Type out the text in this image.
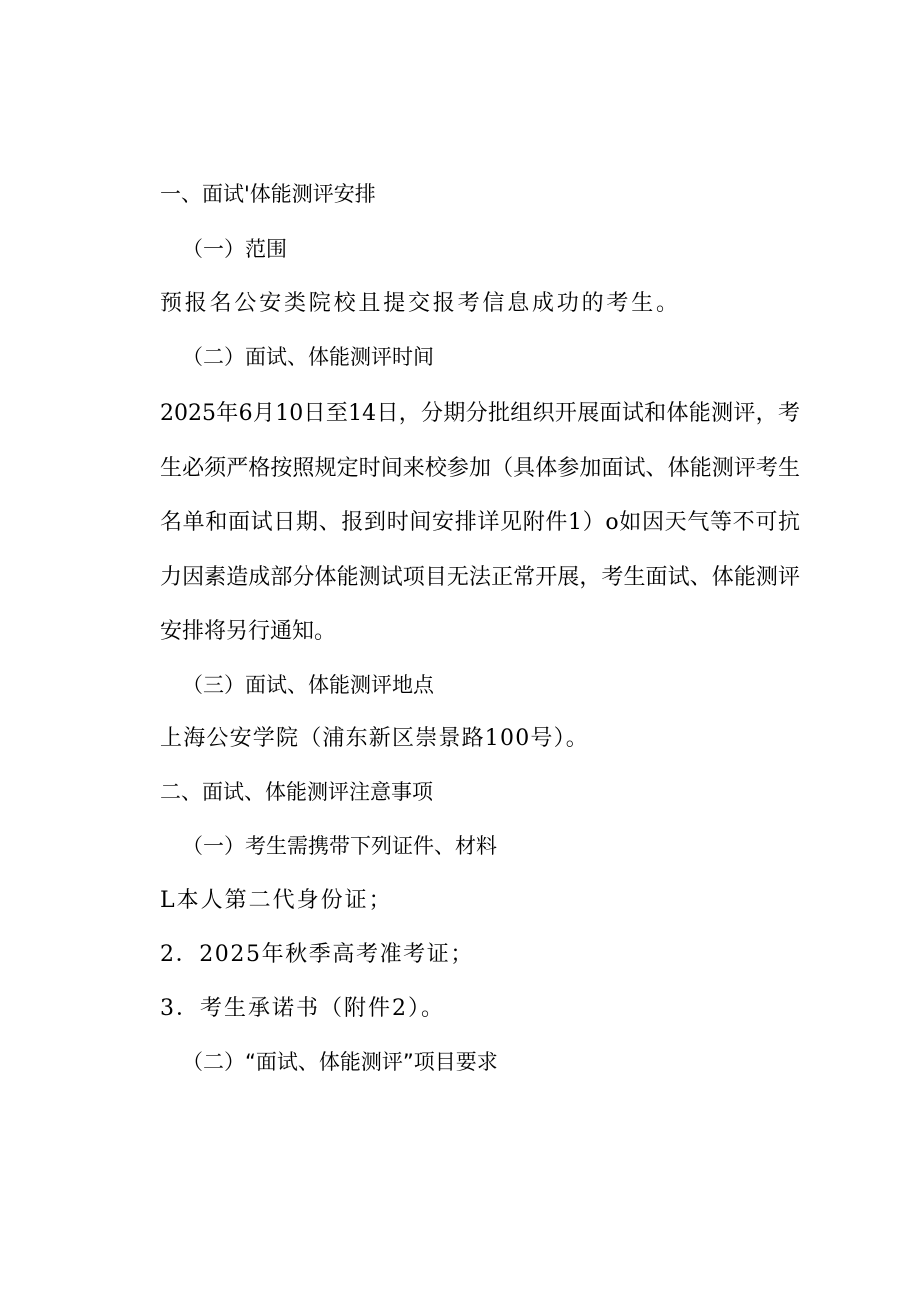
一、面试'体能测评安排
（一）范围
预报名公安类院校且提交报考信息成功的考生。
（二）面试、体能测评时间

2025年6月10日至14日，分期分批组织开展面试和体能测评，考生必须严格按照规定时间来校参加（具体参加面试、体能测评考生名单和面试日期、报到时间安排详见附件1）o如因天气等不可抗力因素造成部分体能测试项目无法正常开展，考生面试、体能测评安排将另行通知。

（三）面试、体能测评地点
上海公安学院（浦东新区崇景路100号）。
二、面试、体能测评注意事项
（一）考生需携带下列证件、材料
L本人第二代身份证；
2．2025年秋季高考准考证；
3．考生承诺书（附件2）。
（二）“面试、体能测评”项目要求
